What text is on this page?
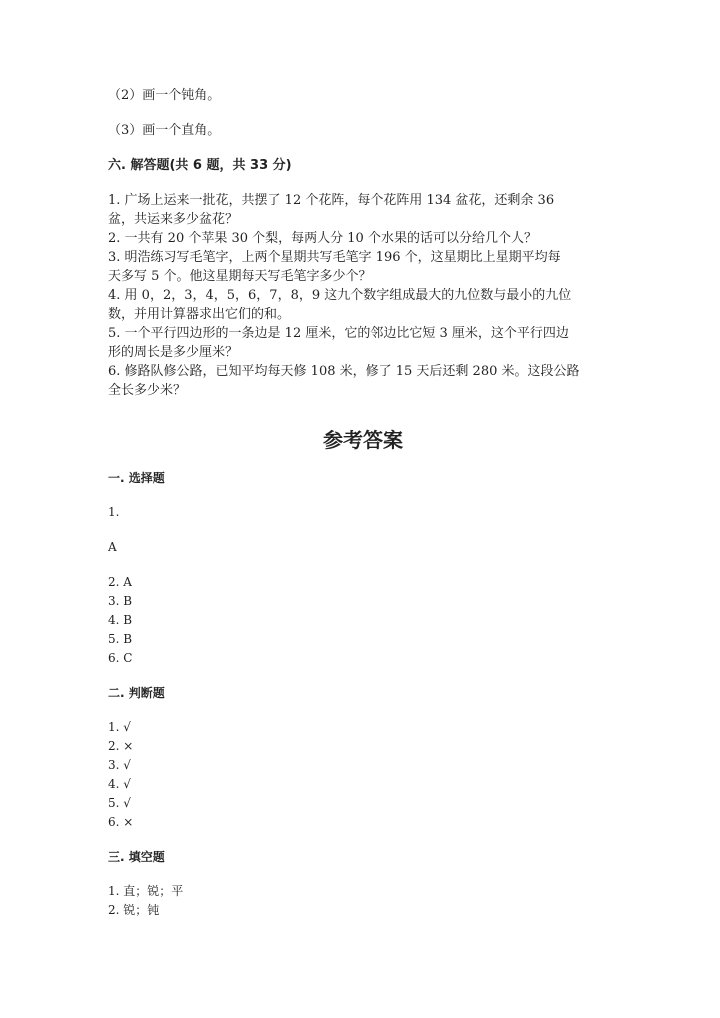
（2）画一个钝角。
（3）画一个直角。
六. 解答题(共 6 题，共 33 分)
1. 广场上运来一批花，共摆了 12 个花阵，每个花阵用 134 盆花，还剩余 36
盆，共运来多少盆花？
2. 一共有 20 个苹果 30 个梨，每两人分 10 个水果的话可以分给几个人？
3. 明浩练习写毛笔字，上两个星期共写毛笔字 196 个，这星期比上星期平均每
天多写 5 个。他这星期每天写毛笔字多少个？
4. 用 0，2，3，4，5，6，7，8，9 这九个数字组成最大的九位数与最小的九位
数，并用计算器求出它们的和。
5. 一个平行四边形的一条边是 12 厘米，它的邻边比它短 3 厘米，这个平行四边
形的周长是多少厘米？
6. 修路队修公路，已知平均每天修 108 米，修了 15 天后还剩 280 米。这段公路
全长多少米？
参考答案
一. 选择题
1.
A
2. A
3. B
4. B
5. B
6. C
二. 判断题
1. √
2. ×
3. √
4. √
5. √
6. ×
三. 填空题
1. 直；锐；平
2. 锐；钝
